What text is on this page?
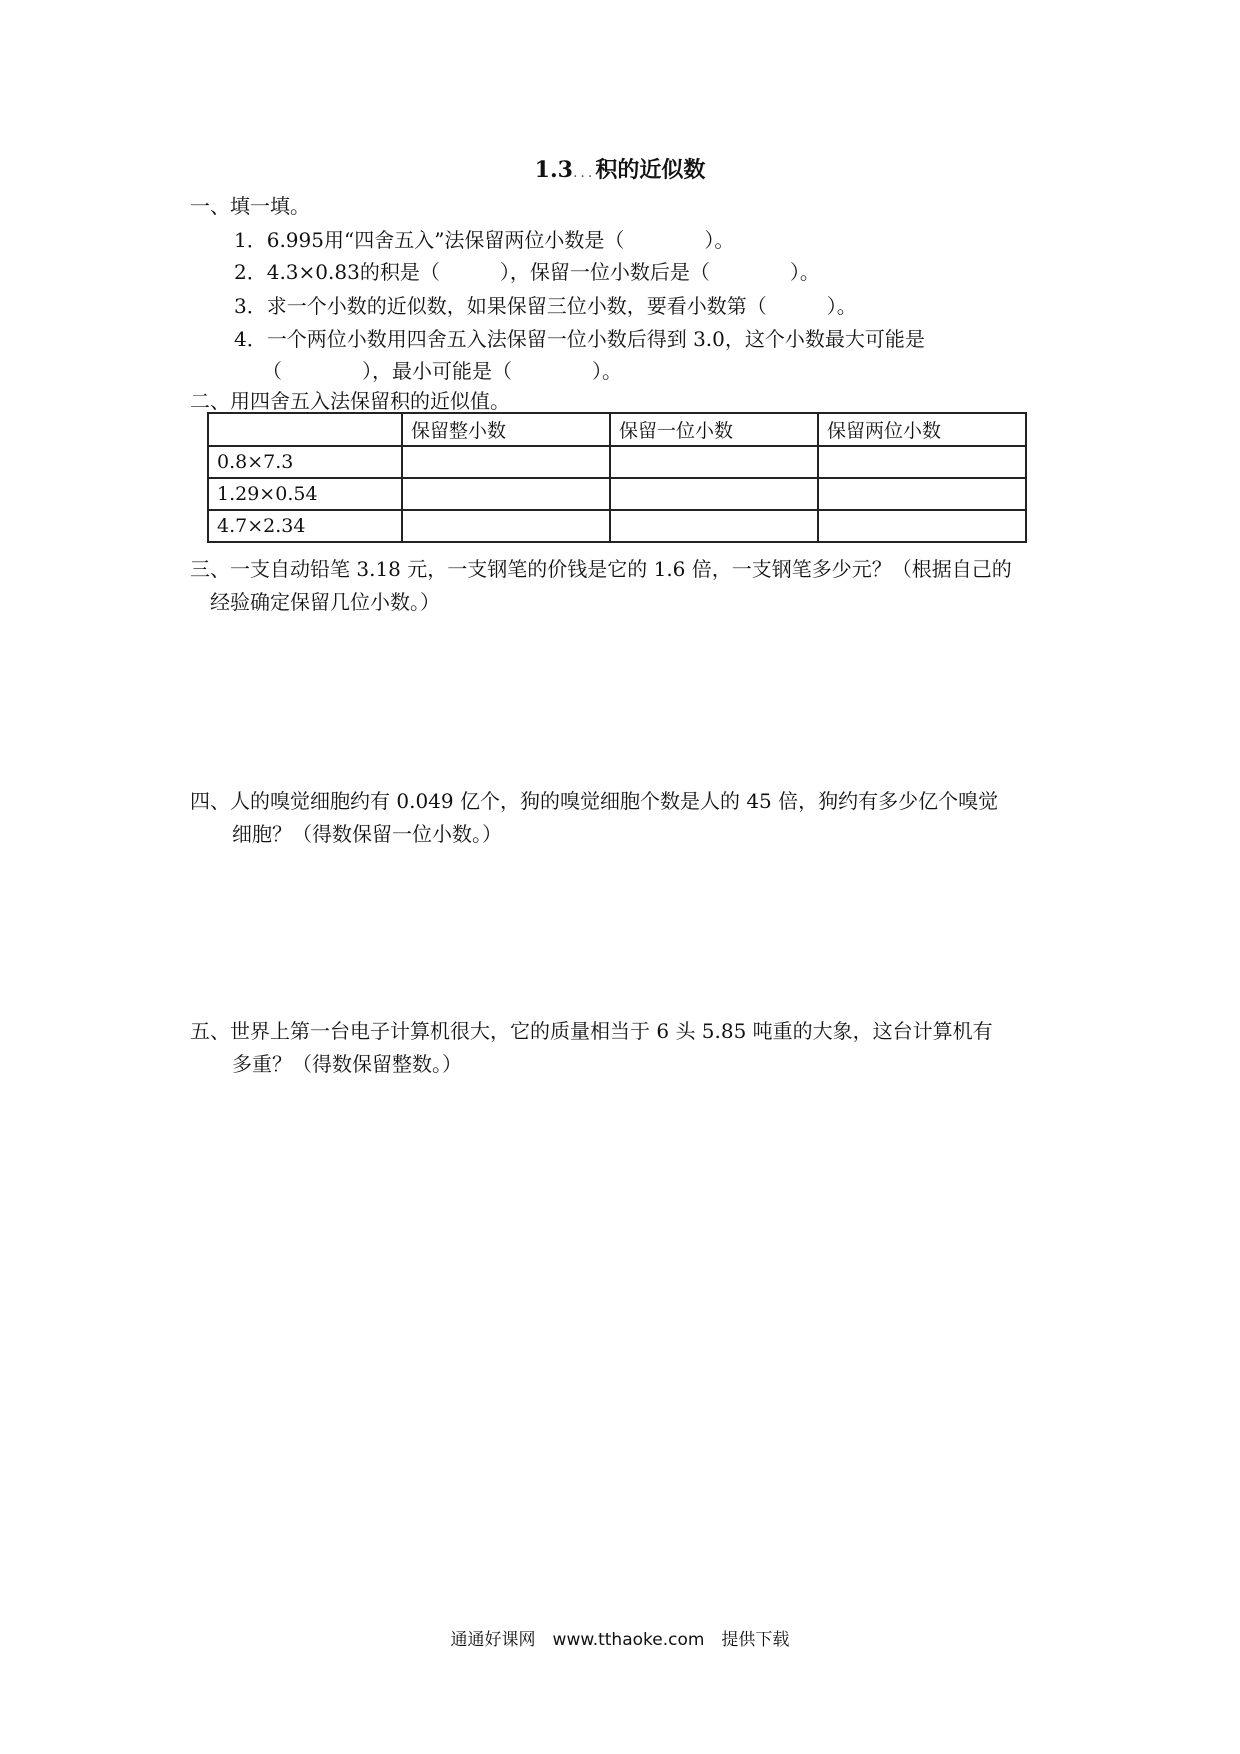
1.3...积的近似数
一、填一填。
1．6.995用“四舍五入”法保留两位小数是（　　　　）。
2．4.3×0.83的积是（　　　），保留一位小数后是（　　　　）。
3．求一个小数的近似数，如果保留三位小数，要看小数第（　　　）。
4．一个两位小数用四舍五入法保留一位小数后得到 3.0，这个小数最大可能是
（　　　　），最小可能是（　　　　）。
二、用四舍五入法保留积的近似值。
	保留整小数	保留一位小数	保留两位小数
0.8×7.3			
1.29×0.54			
4.7×2.34			
三、一支自动铅笔 3.18 元，一支钢笔的价钱是它的 1.6 倍，一支钢笔多少元？（根据自己的
经验确定保留几位小数。）
四、人的嗅觉细胞约有 0.049 亿个，狗的嗅觉细胞个数是人的 45 倍，狗约有多少亿个嗅觉
细胞？（得数保留一位小数。）
五、世界上第一台电子计算机很大，它的质量相当于 6 头 5.85 吨重的大象，这台计算机有
多重？（得数保留整数。）
通通好课网　www.tthaoke.com　提供下载
